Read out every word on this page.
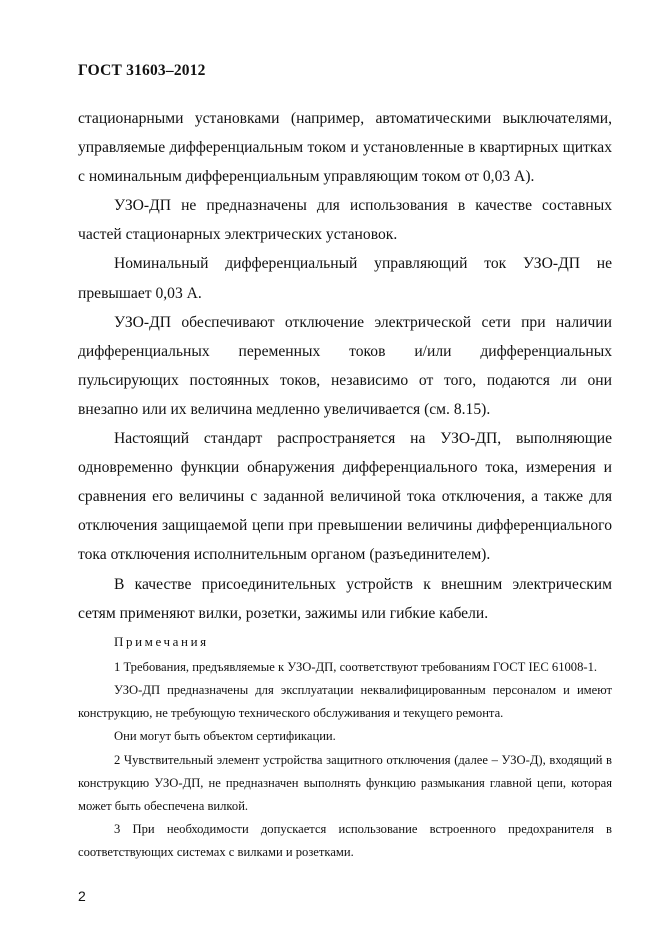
ГОСТ 31603–2012

стационарными установками (например, автоматическими выключателями, управляемые дифференциальным током и установленные в квартирных щитках с номинальным дифференциальным управляющим током от 0,03 А).

УЗО-ДП не предназначены для использования в качестве составных частей стационарных электрических установок.

Номинальный дифференциальный управляющий ток УЗО-ДП не превышает 0,03 А.

УЗО-ДП обеспечивают отключение электрической сети при наличии дифференциальных переменных токов и/или дифференциальных пульсирующих постоянных токов, независимо от того, подаются ли они внезапно или их величина медленно увеличивается (см. 8.15).

Настоящий стандарт распространяется на УЗО-ДП, выполняющие одновременно функции обнаружения дифференциального тока, измерения и сравнения его величины с заданной величиной тока отключения, а также для отключения защищаемой цепи при превышении величины дифференциального тока отключения исполнительным органом (разъединителем).

В качестве присоединительных устройств к внешним электрическим сетям применяют вилки, розетки, зажимы или гибкие кабели.

Примечания

1 Требования, предъявляемые к УЗО-ДП, соответствуют требованиям ГОСТ IEC 61008-1.

УЗО-ДП предназначены для эксплуатации неквалифицированным персоналом и имеют конструкцию, не требующую технического обслуживания и текущего ремонта.

Они могут быть объектом сертификации.

2 Чувствительный элемент устройства защитного отключения (далее – УЗО-Д), входящий в конструкцию УЗО-ДП, не предназначен выполнять функцию размыкания главной цепи, которая может быть обеспечена вилкой.

3 При необходимости допускается использование встроенного предохранителя в соответствующих системах с вилками и розетками.

2
